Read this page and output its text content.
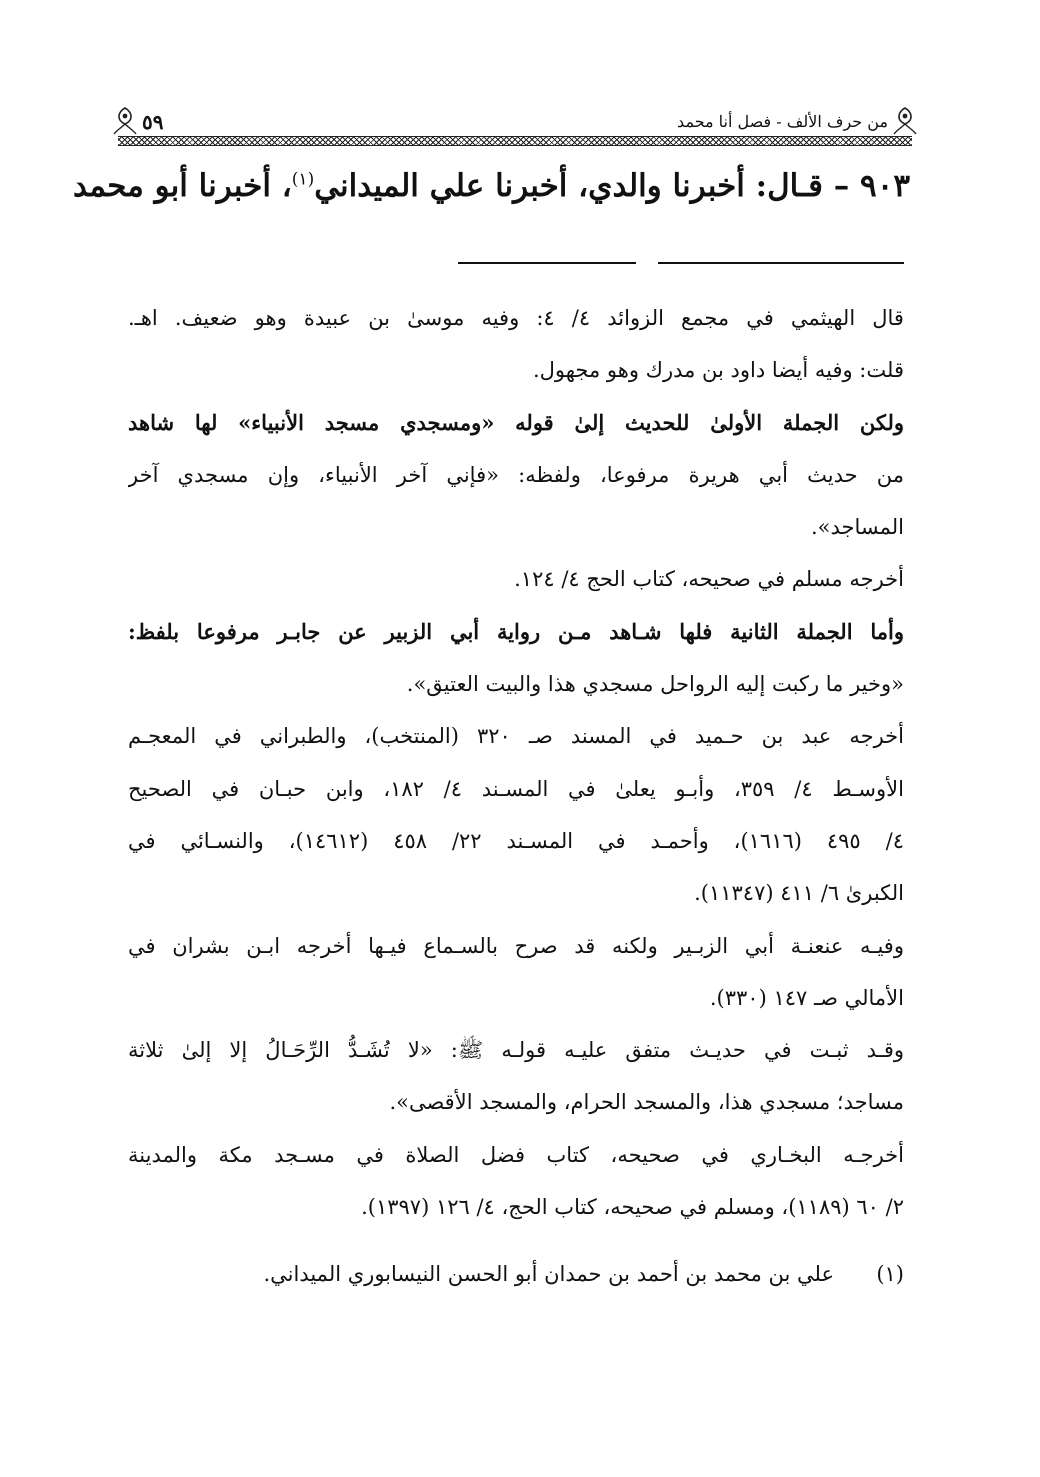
من حرف الألف - فصل أنا محمد
٥٩
٩٠٣ – قـال: أخبرنا والدي، أخبرنا علي الميداني$^{(١)}$، أخبرنا أبو محمد
قال الهيثمي في مجمع الزوائد ٤/ ٤: وفيه موسىٰ بن عبيدة وهو ضعيف. اهـ.
قلت: وفيه أيضا داود بن مدرك وهو مجهول.
ولكن الجملة الأولىٰ للحديث إلىٰ قوله «ومسجدي مسجد الأنبياء» لها شاهد
من حديث أبي هريرة مرفوعا، ولفظه: «فإني آخر الأنبياء، وإن مسجدي آخر
المساجد».
أخرجه مسلم في صحيحه، كتاب الحج ٤/ ١٢٤.
وأما الجملة الثانية فلها شـاهد مـن رواية أبي الزبير عن جابـر مرفوعا بلفظ:
«وخير ما ركبت إليه الرواحل مسجدي هذا والبيت العتيق».
أخرجه عبد بن حـميد في المسند صـ ٣٢٠ (المنتخب)، والطبراني في المعجـم
الأوسـط ٤/ ٣٥٩، وأبـو يعلىٰ في المسـند ٤/ ١٨٢، وابن حبـان في الصحيح
٤/ ٤٩٥ (١٦١٦)، وأحمـد في المسـند ٢٢/ ٤٥٨ (١٤٦١٢)، والنسـائي في
الكبرىٰ ٦/ ٤١١ (١١٣٤٧).
وفيـه عنعنـة أبي الزبـير ولكنه قد صرح بالسـماع فيـها أخرجه ابـن بشران في
الأمالي صـ ١٤٧ (٣٣٠).
وقـد ثبـت في حديـث متفق عليـه قولـه ﷺ: «لا تُشَـدُّ الرِّحَـالُ إلا إلىٰ ثلاثة
مساجد؛ مسجدي هذا، والمسجد الحرام، والمسجد الأقصى».
أخرجـه البخـاري في صحيحه، كتاب فضل الصلاة في مسـجد مكة والمدينة
٢/ ٦٠ (١١٨٩)، ومسلم في صحيحه، كتاب الحج، ٤/ ١٢٦ (١٣٩٧).
(١)علي بن محمد بن أحمد بن حمدان أبو الحسن النيسابوري الميداني.
